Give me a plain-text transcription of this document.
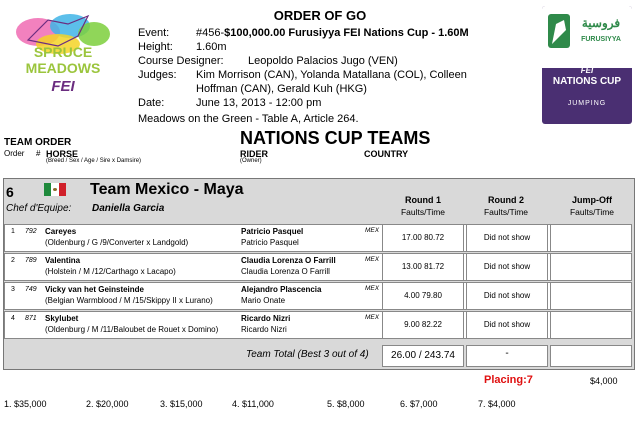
SPRUCE
MEADOWS
FEI
ORDER OF GO
Event: #456-$100,000.00 Furusiyya FEI Nations Cup - 1.60M
Height: 1.60m
Course Designer: Leopoldo Palacios Jugo (VEN)
Judges: Kim Morrison (CAN), Yolanda Matallana (COL), Colleen
Hoffman (CAN), Gerald Kuh (HKG)
Date:	June 13, 2013 - 12:00 pm
Meadows on the Green - Table A, Article 264.
فروسية
FURUSIYYA
FEI
NATIONS CUP
JUMPING
TEAM ORDER	NATIONS CUP TEAMS
Order # HORSE
(Breed / Sex / Age / Sire x Damsire)
RIDER
(Owner)
COUNTRY
6	Team Mexico - Maya
Chef d'Equipe: Daniella Garcia
Round 1
Faults/Time
Round 2
Faults/Time
Jump-Off
Faults/Time
1 792 Careyes
(Oldenburg / G /9/Converter x Landgold)
Patricio Pasquel
Patricio Pasquel
MEX
17.00 80.72	Did not show
2 789 Valentina
(Holstein / M /12/Carthago x Lacapo)
Claudia Lorenza O Farrill
Claudia Lorenza O Farrill
MEX
13.00 81.72	Did not show
3 749 Vicky van het Geinsteinde
(Belgian Warmblood / M /15/Skippy II x Lurano)
Alejandro Plascencia
Mario Onate
MEX
4.00 79.80	Did not show
4 871 Skylubet
(Oldenburg / M /11/Baloubet de Rouet x Domino)
Ricardo Nizri
Ricardo Nizri
MEX
9.00 82.22	Did not show
Team Total (Best 3 out of 4)	26.00 / 243.74	-
Placing:7	$4,000
1. $35,000	2. $20,000	3. $15,000	4. $11,000	5. $8,000	6. $7,000	7. $4,000
